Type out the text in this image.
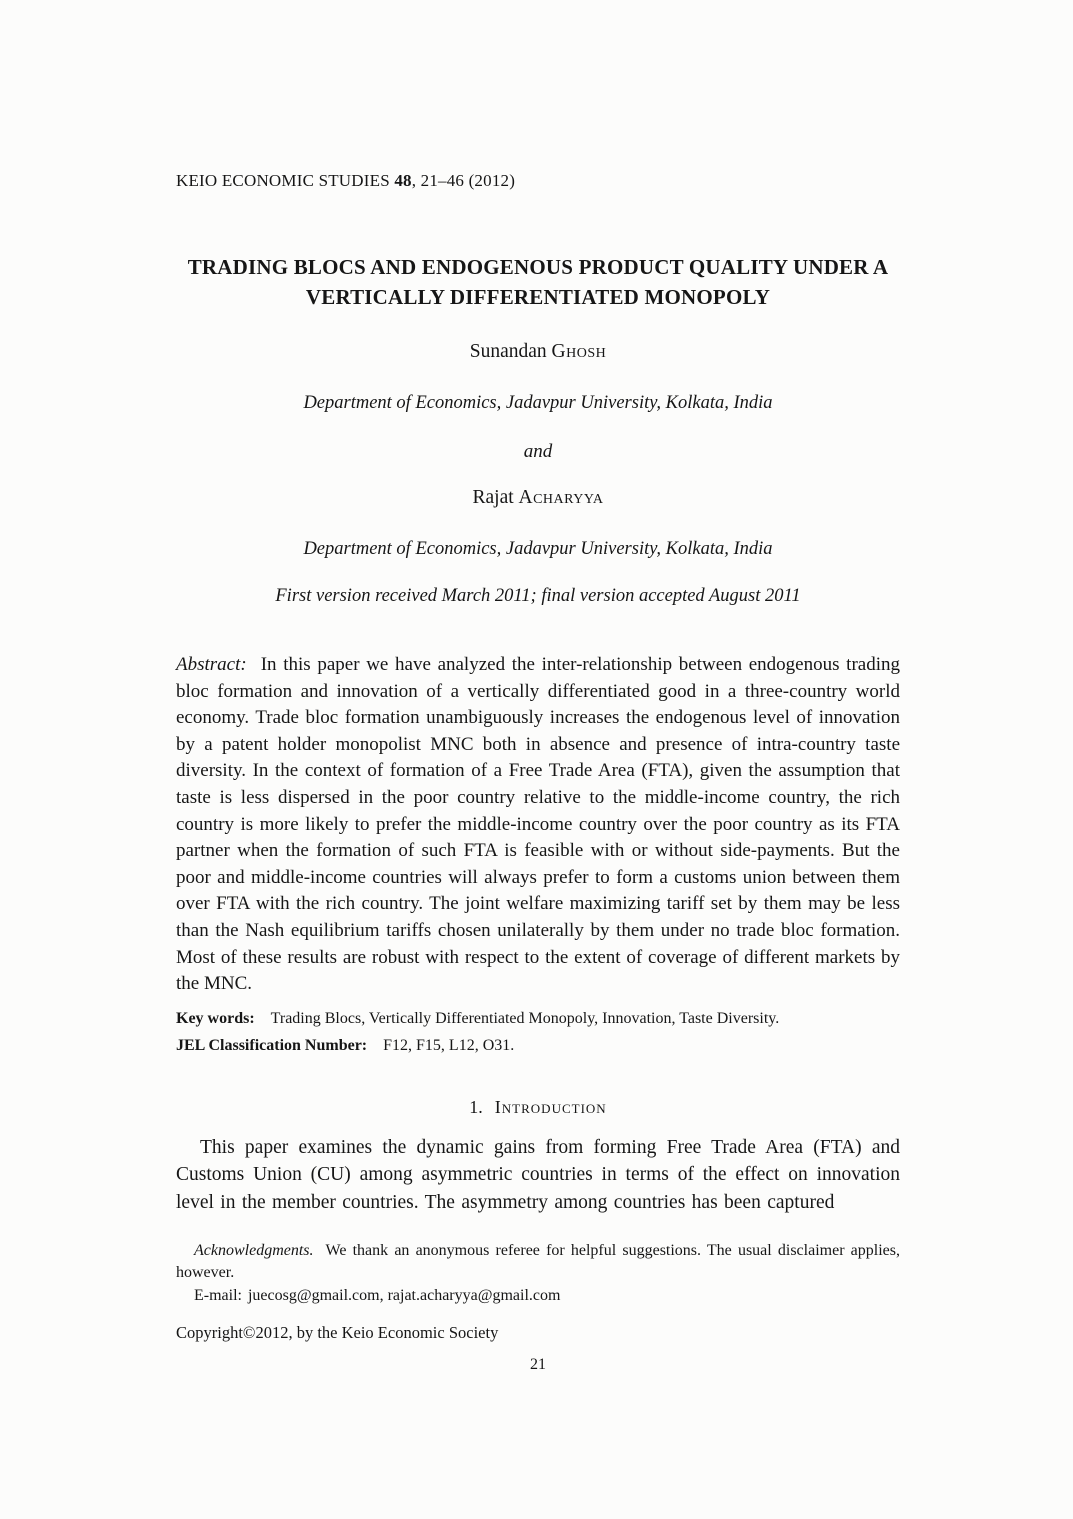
KEIO ECONOMIC STUDIES 48, 21–46 (2012)
TRADING BLOCS AND ENDOGENOUS PRODUCT QUALITY UNDER A
VERTICALLY DIFFERENTIATED MONOPOLY
Sunandan Ghosh
Department of Economics, Jadavpur University, Kolkata, India
and
Rajat Acharyya
Department of Economics, Jadavpur University, Kolkata, India
First version received March 2011; final version accepted August 2011

Abstract: In this paper we have analyzed the inter-relationship between endogenous trading bloc formation and innovation of a vertically differentiated good in a three-country world economy. Trade bloc formation unambiguously increases the endogenous level of innovation by a patent holder monopolist MNC both in absence and presence of intra-country taste diversity. In the context of formation of a Free Trade Area (FTA), given the assumption that taste is less dispersed in the poor country relative to the middle-income country, the rich country is more likely to prefer the middle-income country over the poor country as its FTA partner when the formation of such FTA is feasible with or without side-payments. But the poor and middle-income countries will always prefer to form a customs union between them over FTA with the rich country. The joint welfare maximizing tariff set by them may be less than the Nash equilibrium tariffs chosen unilaterally by them under no trade bloc formation. Most of these results are robust with respect to the extent of coverage of different markets by the MNC.

Key words: Trading Blocs, Vertically Differentiated Monopoly, Innovation, Taste Diversity.
JEL Classification Number: F12, F15, L12, O31.
1. Introduction

This paper examines the dynamic gains from forming Free Trade Area (FTA) and Customs Union (CU) among asymmetric countries in terms of the effect on innovation level in the member countries. The asymmetry among countries has been captured

Acknowledgments. We thank an anonymous referee for helpful suggestions. The usual disclaimer applies, however.
E-mail: juecosg@gmail.com, rajat.acharyya@gmail.com
Copyright©2012, by the Keio Economic Society
21
